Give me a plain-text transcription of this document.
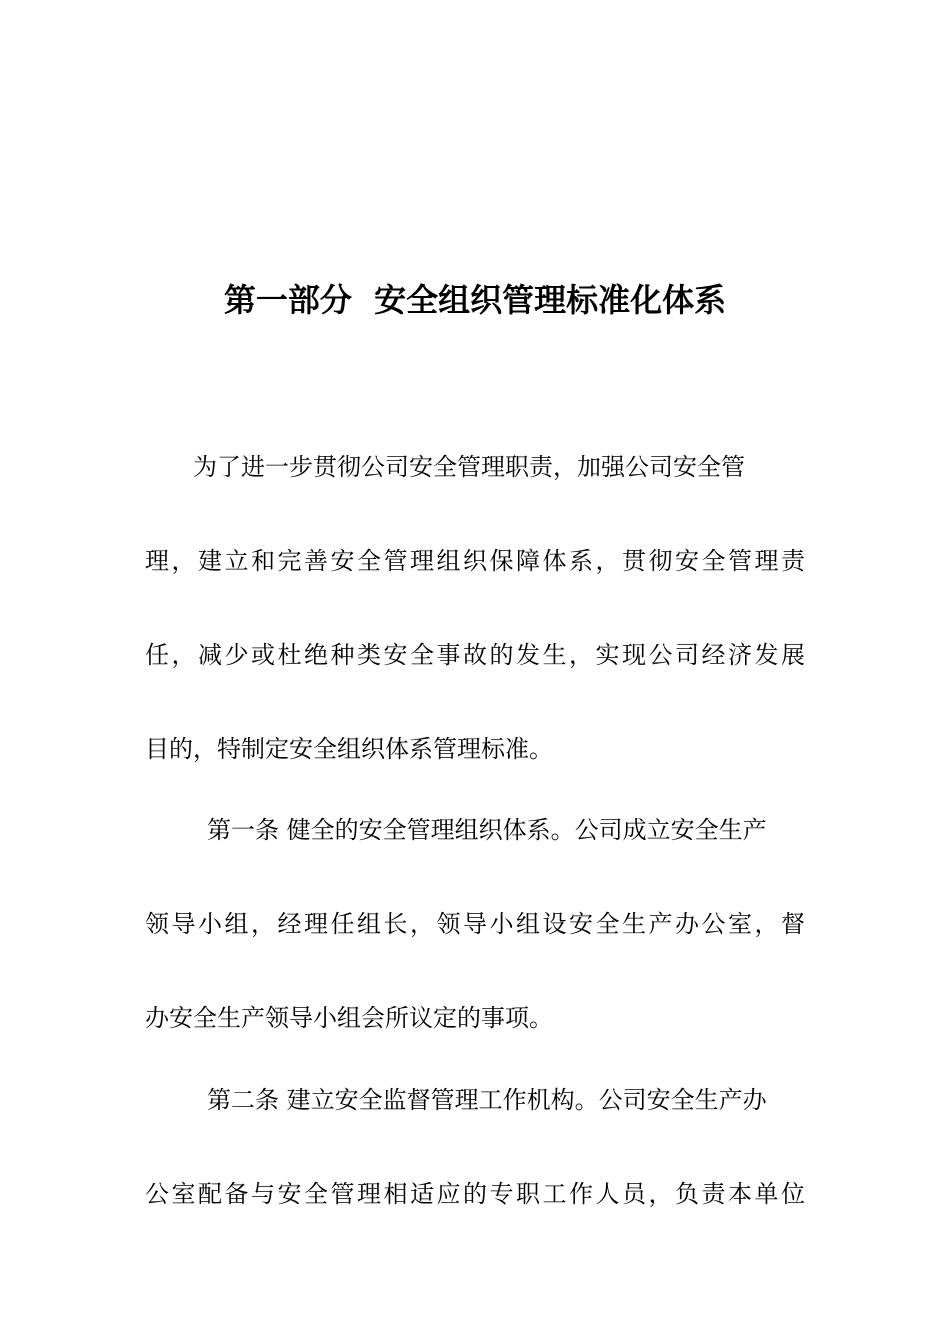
第一部分  安全组织管理标准化体系
为了进一步贯彻公司安全管理职责，加强公司安全管
理，建立和完善安全管理组织保障体系，贯彻安全管理责
任，减少或杜绝种类安全事故的发生，实现公司经济发展
目的，特制定安全组织体系管理标准。
第一条 健全的安全管理组织体系。公司成立安全生产
领导小组，经理任组长，领导小组设安全生产办公室，督
办安全生产领导小组会所议定的事项。
第二条 建立安全监督管理工作机构。公司安全生产办
公室配备与安全管理相适应的专职工作人员，负责本单位
